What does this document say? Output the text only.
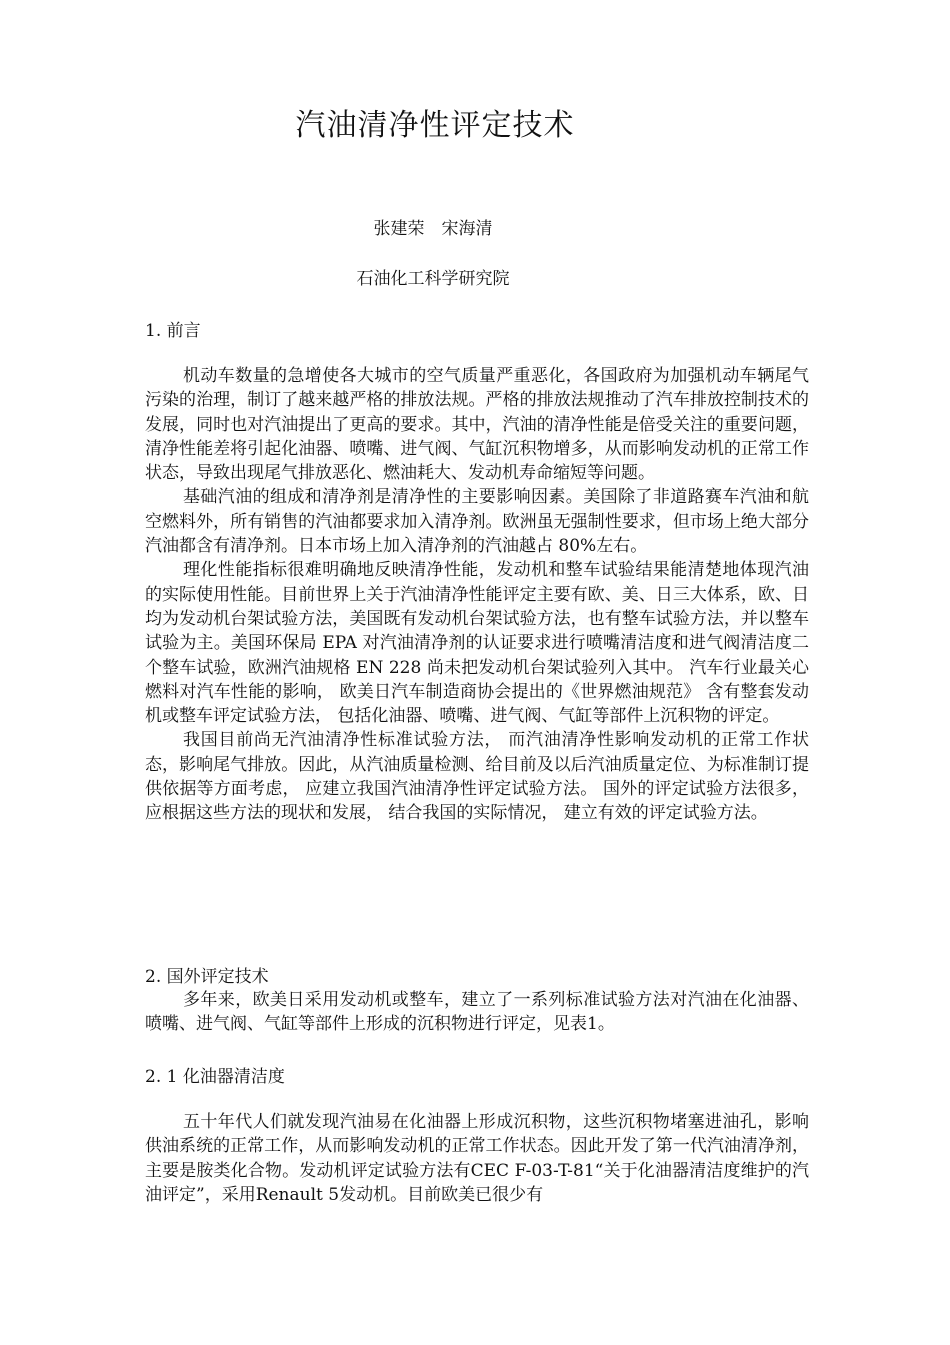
汽油清净性评定技术
张建荣　宋海清
石油化工科学研究院
1. 前言

机动车数量的急增使各大城市的空气质量严重恶化，各国政府为加强机动车辆尾气污染的治理，制订了越来越严格的排放法规。严格的排放法规推动了汽车排放控制技术的发展，同时也对汽油提出了更高的要求。其中，汽油的清净性能是倍受关注的重要问题，清净性能差将引起化油器、喷嘴、进气阀、气缸沉积物增多，从而影响发动机的正常工作状态，导致出现尾气排放恶化、燃油耗大、发动机寿命缩短等问题。

基础汽油的组成和清净剂是清净性的主要影响因素。美国除了非道路赛车汽油和航空燃料外，所有销售的汽油都要求加入清净剂。欧洲虽无强制性要求，但市场上绝大部分汽油都含有清净剂。日本市场上加入清净剂的汽油越占 80%左右。

理化性能指标很难明确地反映清净性能，发动机和整车试验结果能清楚地体现汽油的实际使用性能。目前世界上关于汽油清净性能评定主要有欧、美、日三大体系，欧、日均为发动机台架试验方法，美国既有发动机台架试验方法，也有整车试验方法，并以整车试验为主。美国环保局 EPA 对汽油清净剂的认证要求进行喷嘴清洁度和进气阀清洁度二个整车试验，欧洲汽油规格 EN 228 尚未把发动机台架试验列入其中。 汽车行业最关心燃料对汽车性能的影响， 欧美日汽车制造商协会提出的《世界燃油规范》 含有整套发动机或整车评定试验方法， 包括化油器、喷嘴、进气阀、气缸等部件上沉积物的评定。

我国目前尚无汽油清净性标准试验方法， 而汽油清净性影响发动机的正常工作状态，影响尾气排放。因此，从汽油质量检测、给目前及以后汽油质量定位、为标准制订提供依据等方面考虑， 应建立我国汽油清净性评定试验方法。 国外的评定试验方法很多， 应根据这些方法的现状和发展， 结合我国的实际情况， 建立有效的评定试验方法。

2. 国外评定技术

多年来，欧美日采用发动机或整车，建立了一系列标准试验方法对汽油在化油器、喷嘴、进气阀、气缸等部件上形成的沉积物进行评定，见表1。

2. 1 化油器清洁度

五十年代人们就发现汽油易在化油器上形成沉积物，这些沉积物堵塞进油孔，影响供油系统的正常工作，从而影响发动机的正常工作状态。因此开发了第一代汽油清净剂，主要是胺类化合物。发动机评定试验方法有CEC F-03-T-81“关于化油器清洁度维护的汽油评定”，采用Renault 5发动机。目前欧美已很少有
